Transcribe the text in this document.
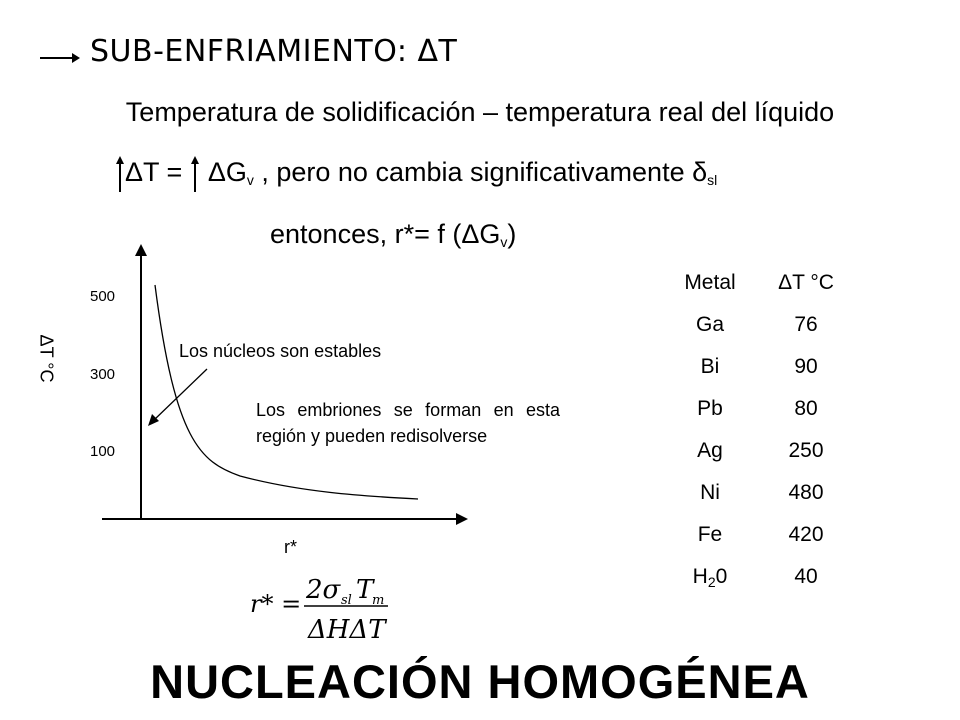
SUB-ENFRIAMIENTO: ΔT
Temperatura de solidificación – temperatura real del líquido
$\Delta T = \Delta G_v$ , pero no cambia significativamente $\delta_{sl}$
entonces, r*= f $(\Delta G_v)$
500
300
100
ΔT °C
r*
Los núcleos son estables
Los embriones se forman en esta región y pueden redisolverse
r* = 2σ sl T
m
ΔHΔT
Metal	ΔT °C
Ga	76
Bi	90
Pb	80
Ag	250
Ni	480
Fe	420
$H_20$	40
NUCLEACIÓN HOMOGÉNEA
